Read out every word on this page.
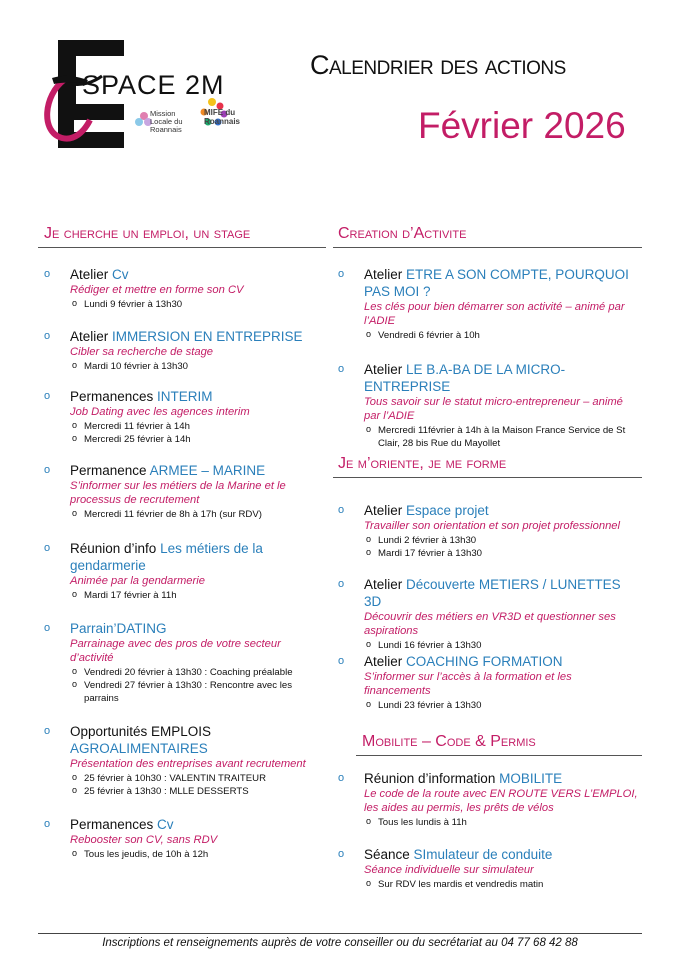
SPACE 2M
Mission Locale du Roannais
MIFE du Roannais
Calendrier des actions
Février 2026
Je cherche un emploi, un stage
o Atelier Cv
Rédiger et mettre en forme son CV
o Lundi 9 février à 13h30
o Atelier IMMERSION EN ENTREPRISE
Cibler sa recherche de stage
o Mardi 10 février à 13h30
o Permanences INTERIM
Job Dating avec les agences interim
o Mercredi 11 février à 14h
o Mercredi 25 février à 14h
o Permanence ARMEE – MARINE
S’informer sur les métiers de la Marine et le processus de recrutement
o Mercredi 11 février de 8h à 17h (sur RDV)
o Réunion d’info Les métiers de la gendarmerie
Animée par la gendarmerie
o Mardi 17 février à 11h
o Parrain’DATING
Parrainage avec des pros de votre secteur d’activité
o Vendredi 20 février à 13h30 : Coaching préalable
o Vendredi 27 février à 13h30 : Rencontre avec les parrains
o Opportunités EMPLOIS AGROALIMENTAIRES
Présentation des entreprises avant recrutement
o 25 février à 10h30 : VALENTIN TRAITEUR
o 25 février à 13h30 : MLLE DESSERTS
o Permanences Cv
Rebooster son CV, sans RDV
o Tous les jeudis, de 10h à 12h
Creation d’Activite
o Atelier ETRE A SON COMPTE, POURQUOI PAS MOI ?
Les clés pour bien démarrer son activité – animé par l’ADIE
o Vendredi 6 février à 10h
o Atelier LE B.A-BA DE LA MICRO-ENTREPRISE
Tous savoir sur le statut micro-entrepreneur – animé par l’ADIE
o Mercredi 11février à 14h à la Maison France Service de St Clair, 28 bis Rue du Mayollet
Je m’oriente, je me forme
o Atelier Espace projet
Travailler son orientation et son projet professionnel
o Lundi 2 février à 13h30
o Mardi 17 février à 13h30
o Atelier Découverte METIERS / LUNETTES 3D
Découvrir des métiers en VR3D et questionner ses aspirations
o Lundi 16 février à 13h30
o Atelier COACHING FORMATION
S’informer sur l’accès à la formation et les financements
o Lundi 23 février à 13h30
Mobilite – Code & Permis
o Réunion d’information MOBILITE
Le code de la route avec EN ROUTE VERS L’EMPLOI, les aides au permis, les prêts de vélos
o Tous les lundis à 11h
o Séance SImulateur de conduite
Séance individuelle sur simulateur
o Sur RDV les mardis et vendredis matin
Inscriptions et renseignements auprès de votre conseiller ou du secrétariat au 04 77 68 42 88
